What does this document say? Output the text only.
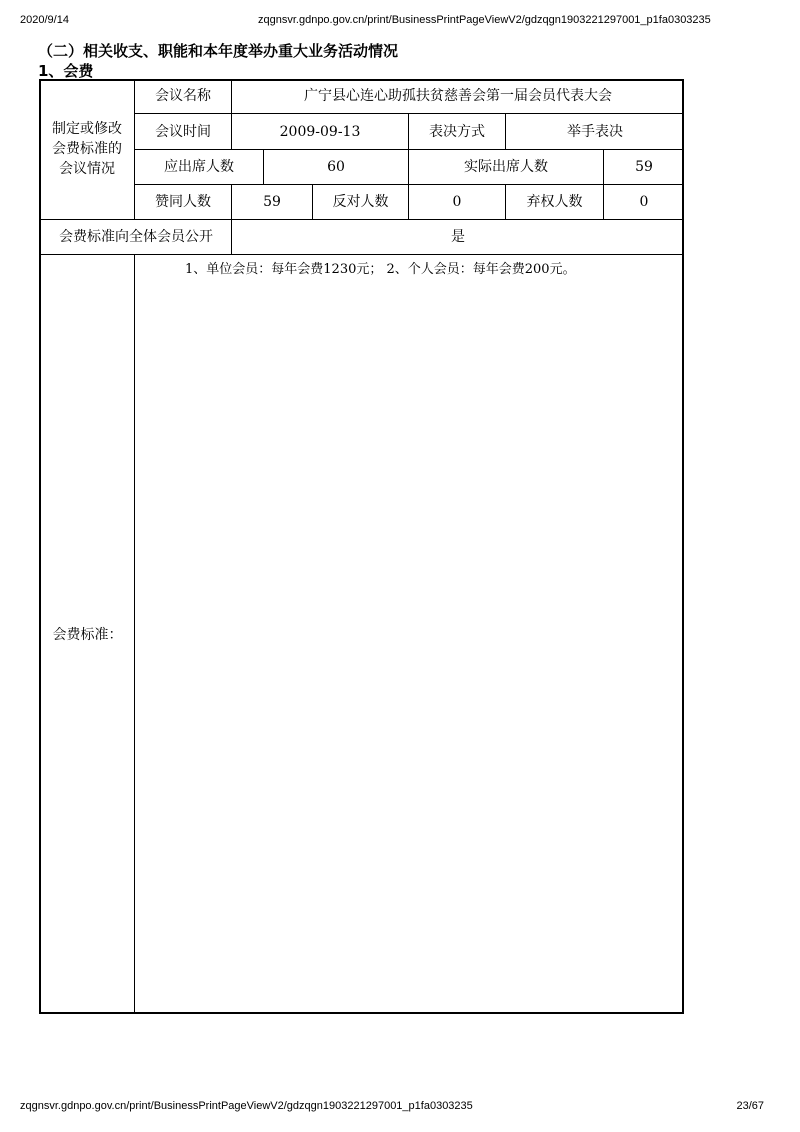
2020/9/14	zqgnsvr.gdnpo.gov.cn/print/BusinessPrintPageViewV2/gdzqgn1903221297001_p1fa0303235
（二）相关收支、职能和本年度举办重大业务活动情况
1、会费
制定或修改会费标准的会议情况
会议名称	广宁县心连心助孤扶贫慈善会第一届会员代表大会
会议时间	2009-09-13	表决方式	举手表决
应出席人数	60	实际出席人数	59
赞同人数	59	反对人数	0	弃权人数	0
会费标准向全体会员公开	是
会费标准：
1、单位会员：每年会费1230元； 2、个人会员：每年会费200元。
zqgnsvr.gdnpo.gov.cn/print/BusinessPrintPageViewV2/gdzqgn1903221297001_p1fa0303235	23/67
